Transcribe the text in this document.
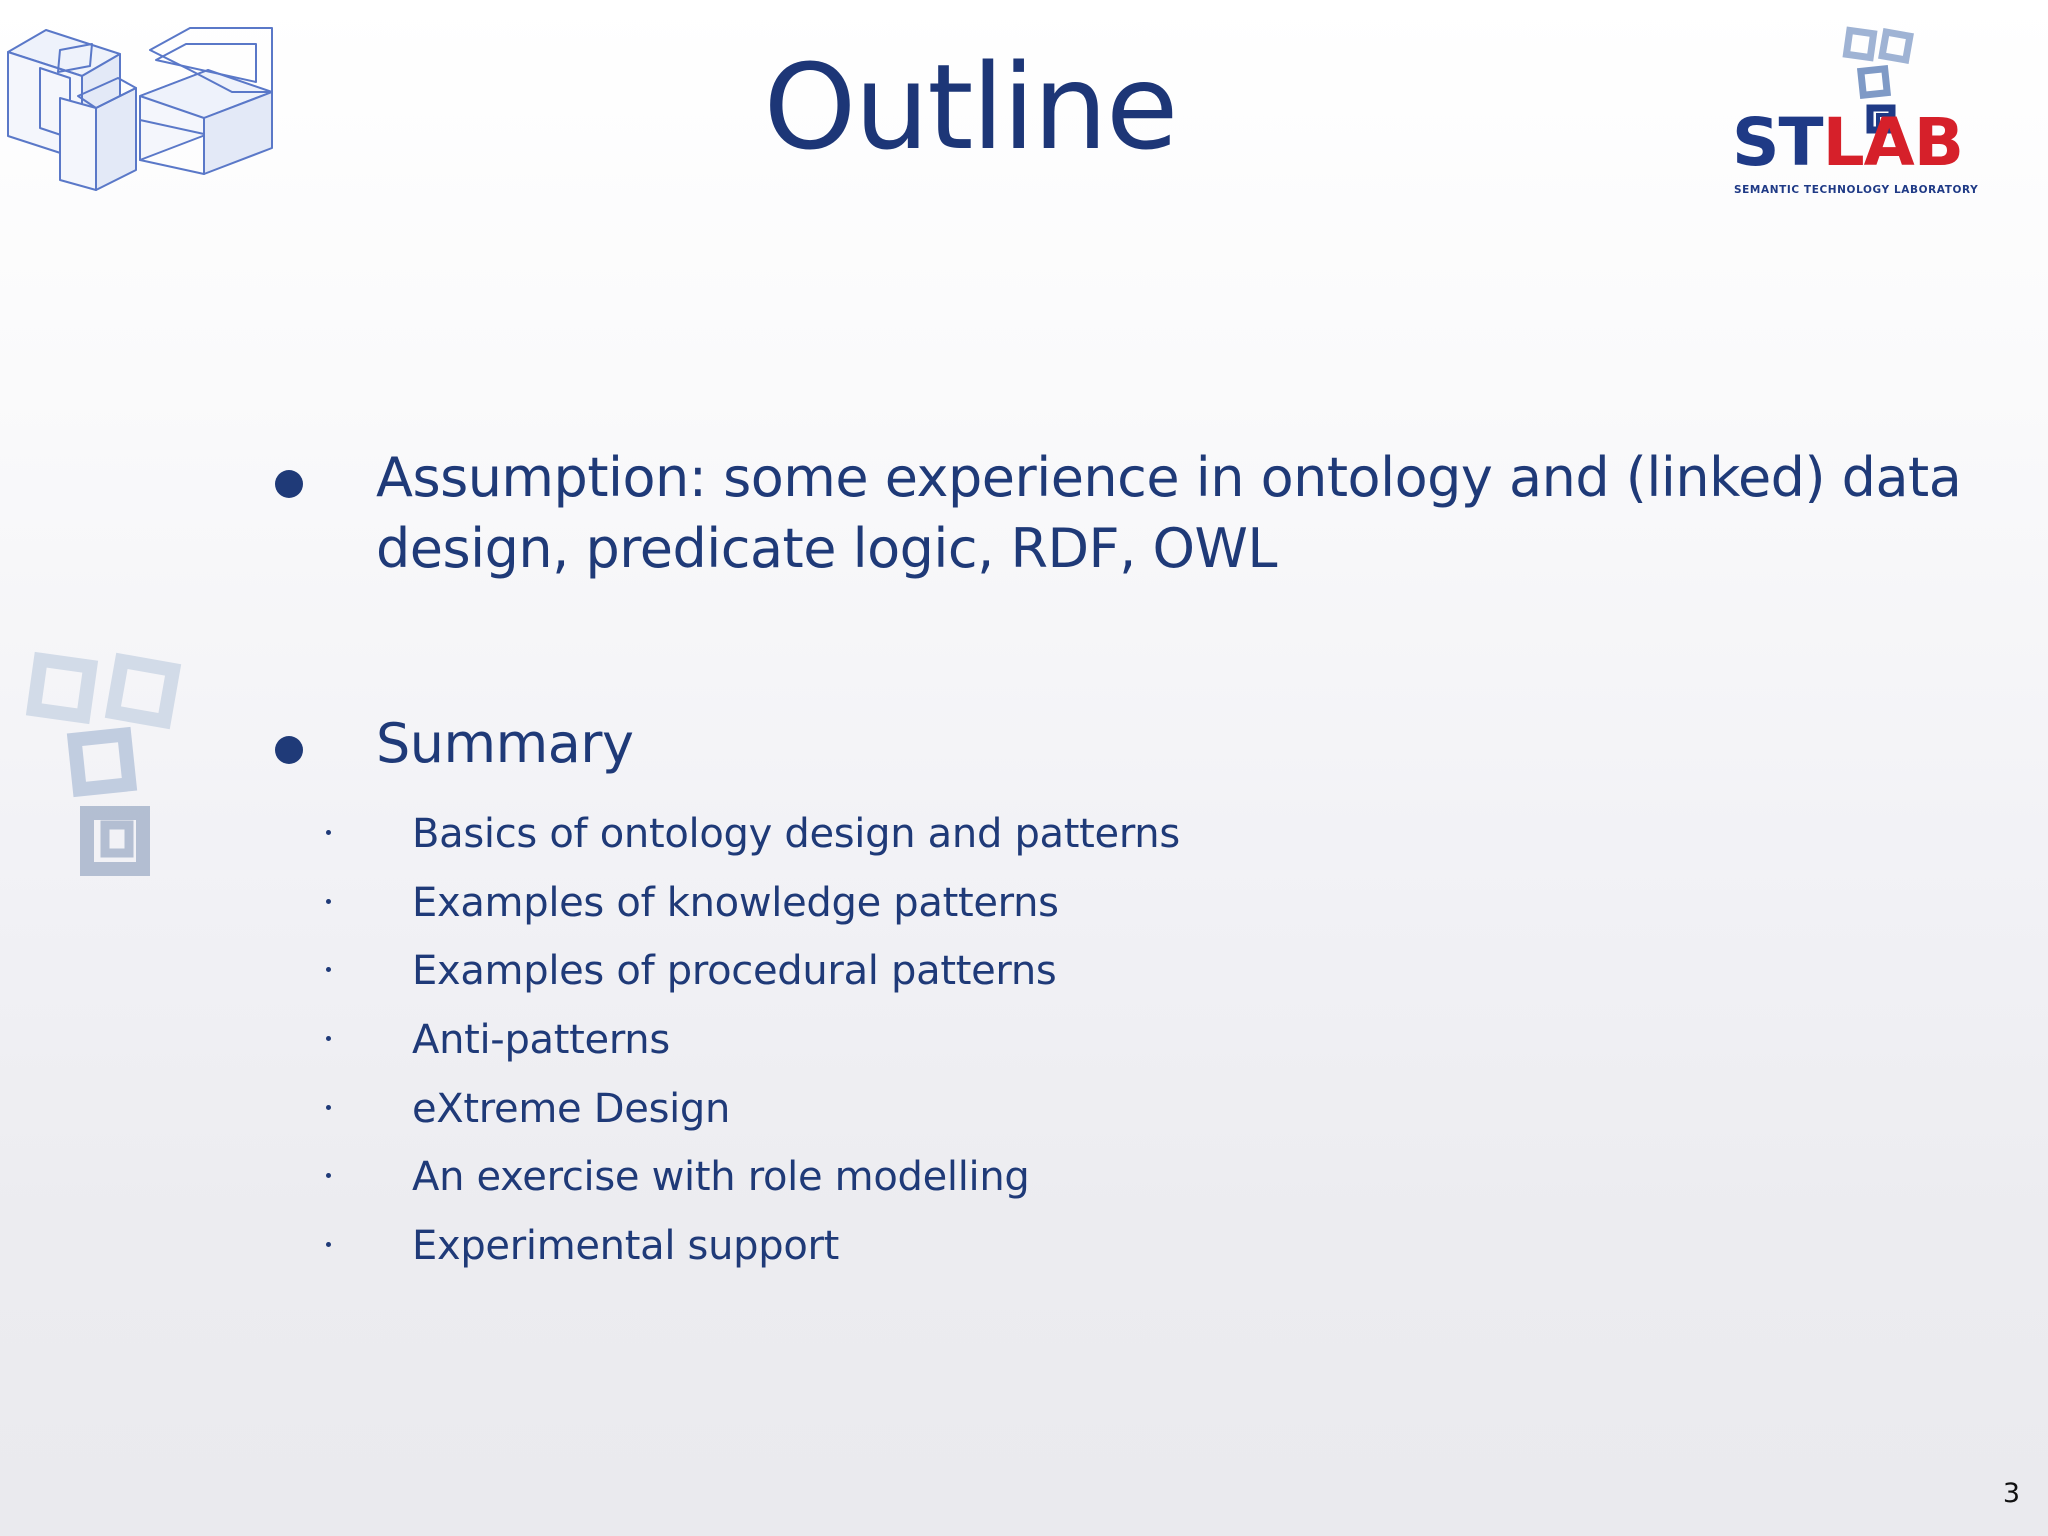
Outline	STLAB
SEMANTIC TECHNOLOGY LABORATORY
Assumption: some experience in ontology and (linked) data design, predicate logic, RDF, OWL
Summary
Basics of ontology design and patterns
Examples of knowledge patterns
Examples of procedural patterns
Anti-patterns
eXtreme Design
An exercise with role modelling
Experimental support
3
